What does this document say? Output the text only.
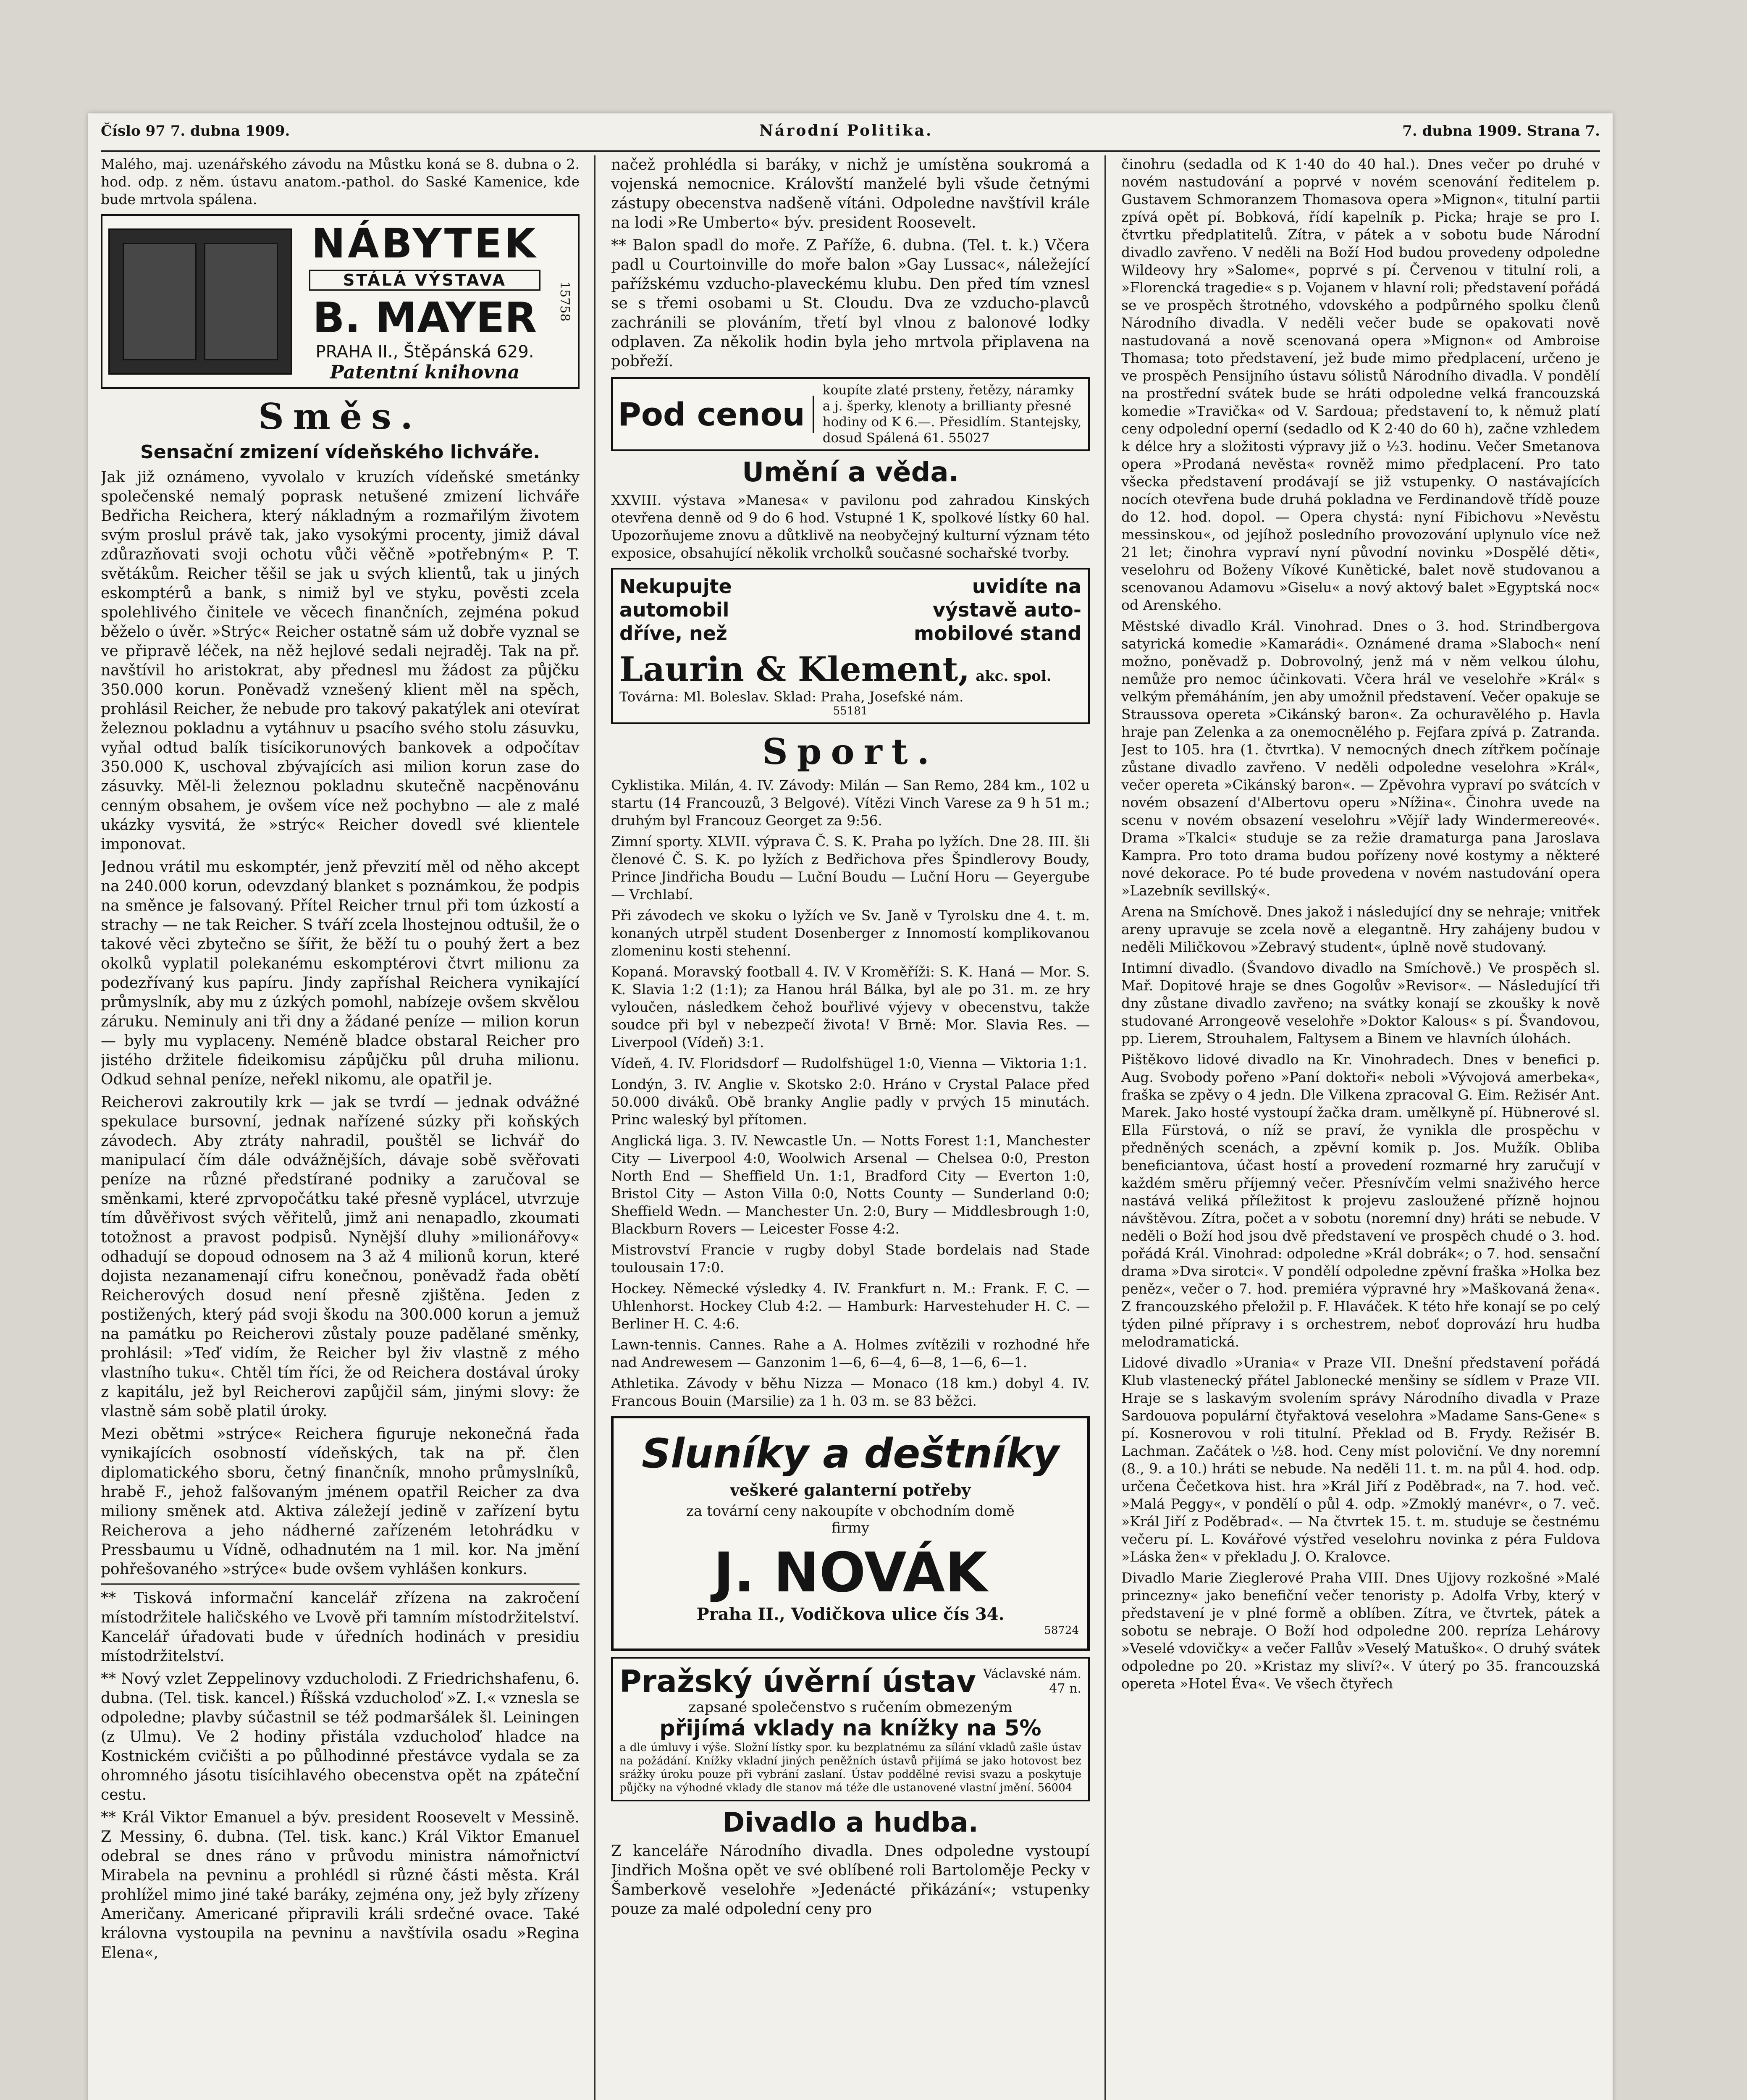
Číslo 97 7. dubna 1909.	Národní Politika.	7. dubna 1909. Strana 7.

Malého, maj. uzenářského závodu na Můstku koná se 8. dubna o 2. hod. odp. z něm. ústavu anatom.-pathol. do Saské Kamenice, kde bude mrtvola spálena.

NÁBYTEK
STÁLÁ VÝSTAVA
B. MAYER
PRAHA II., Štěpánská 629.
Patentní knihovna
15758
Směs.
Sensační zmizení vídeňského lichváře.

Jak již oznámeno, vyvolalo v kruzích vídeňské smetánky společenské nemalý poprask netušené zmizení lichváře Bedřicha Reichera, který nákladným a rozmařilým životem svým proslul právě tak, jako vysokými procenty, jimiž dával zdůrazňovati svoji ochotu vůči věčně »potřebným« P. T. světákům. Reicher těšil se jak u svých klientů, tak u jiných eskomptérů a bank, s nimiž byl ve styku, pověsti zcela spolehlivého činitele ve věcech finančních, zejména pokud běželo o úvěr. »Strýc« Reicher ostatně sám už dobře vyznal se ve připravě léček, na něž hejlové sedali nejraděj. Tak na př. navštívil ho aristokrat, aby přednesl mu žádost za půjčku 350.000 korun. Poněvadž vznešený klient měl na spěch, prohlásil Reicher, že nebude pro takový pakatýlek ani otevírat železnou pokladnu a vytáhnuv u psacího svého stolu zásuvku, vyňal odtud balík tisícikorunových bankovek a odpočítav 350.000 K, uschoval zbývajících asi milion korun zase do zásuvky. Měl-li železnou pokladnu skutečně nacpěnovánu cenným obsahem, je ovšem více než pochybno — ale z malé ukázky vysvitá, že »strýc« Reicher dovedl své klientele imponovat.

Jednou vrátil mu eskomptér, jenž převzití měl od něho akcept na 240.000 korun, odevzdaný blanket s poznámkou, že podpis na směnce je falsovaný. Přítel Reicher trnul při tom úzkostí a strachy — ne tak Reicher. S tváří zcela lhostejnou odtušil, že o takové věci zbytečno se šířit, že běží tu o pouhý žert a bez okolků vyplatil polekanému eskomptérovi čtvrt milionu za podezřívaný kus papíru. Jindy zapříshal Reichera vynikající průmyslník, aby mu z úzkých pomohl, nabízeje ovšem skvělou záruku. Neminuly ani tři dny a žádané peníze — milion korun — byly mu vyplaceny. Neméně bladce obstaral Reicher pro jistého držitele fideikomisu zápůjčku půl druha milionu. Odkud sehnal peníze, neřekl nikomu, ale opatřil je.

Reicherovi zakroutily krk — jak se tvrdí — jednak odvážné spekulace bursovní, jednak nařízené súzky při koňských závodech. Aby ztráty nahradil, pouštěl se lichvář do manipulací čím dále odvážnějších, dávaje sobě svěřovati peníze na různé předstírané podniky a zaručoval se směnkami, které zprvopočátku také přesně vyplácel, utvrzuje tím důvěřivost svých věřitelů, jimž ani nenapadlo, zkoumati totožnost a pravost podpisů. Nynější dluhy »milionářovy« odhadují se dopoud odnosem na 3 až 4 milionů korun, které dojista nezanamenají cifru konečnou, poněvadž řada obětí Reicherových dosud není přesně zjištěna. Jeden z postižených, který pád svoji škodu na 300.000 korun a jemuž na památku po Reicherovi zůstaly pouze padělané směnky, prohlásil: »Teď vidím, že Reicher byl živ vlastně z mého vlastního tuku«. Chtěl tím říci, že od Reichera dostával úroky z kapitálu, jež byl Reicherovi zapůjčil sám, jinými slovy: že vlastně sám sobě platil úroky.

Mezi obětmi »strýce« Reichera figuruje nekonečná řada vynikajících osobností vídeňských, tak na př. člen diplomatického sboru, četný finančník, mnoho průmyslníků, hrabě F., jehož falšovaným jménem opatřil Reicher za dva miliony směnek atd. Aktiva záležejí jedině v zařízení bytu Reicherova a jeho nádherné zařízeném letohrádku v Pressbaumu u Vídně, odhadnutém na 1 mil. kor. Na jmění pohřešovaného »strýce« bude ovšem vyhlášen konkurs.

** Tisková informační kancelář zřízena na zakročení místodržitele haličského ve Lvově při tamním místodržitelství. Kancelář úřadovati bude v úředních hodinách v presidiu místodržitelství.

** Nový vzlet Zeppelinovy vzducholodi. Z Friedrichshafenu, 6. dubna. (Tel. tisk. kancel.) Říšská vzducholoď »Z. I.« vznesla se odpoledne; plavby súčastnil se též podmaršálek šl. Leiningen (z Ulmu). Ve 2 hodiny přistála vzducholoď hladce na Kostnickém cvičišti a po půlhodinné přestávce vydala se za ohromného jásotu tisícihlavého obecenstva opět na zpáteční cestu.

** Král Viktor Emanuel a býv. president Roosevelt v Messině. Z Messiny, 6. dubna. (Tel. tisk. kanc.) Král Viktor Emanuel odebral se dnes ráno v průvodu ministra námořnictví Mirabela na pevninu a prohlédl si různé části města. Král prohlížel mimo jiné také baráky, zejména ony, jež byly zřízeny Američany. Americané připravili králi srdečné ovace. Také královna vystoupila na pevninu a navštívila osadu »Regina Elena«,

načež prohlédla si baráky, v nichž je umístěna soukromá a vojenská nemocnice. Královští manželé byli všude četnými zástupy obecenstva nadšeně vítáni. Odpoledne navštívil krále na lodi »Re Umberto« býv. president Roosevelt.

** Balon spadl do moře. Z Paříže, 6. dubna. (Tel. t. k.) Včera padl u Courtoinville do moře balon »Gay Lussac«, náležející pařížskému vzducho-plaveckému klubu. Den před tím vznesl se s třemi osobami u St. Cloudu. Dva ze vzducho-plavců zachránili se plováním, třetí byl vlnou z balonové lodky odplaven. Za několik hodin byla jeho mrtvola připlavena na pobřeží.

Pod cenou
koupíte zlaté prsteny, řetězy, náramky a j. šperky, klenoty a brillianty přesné hodiny od K 6.—. Přesidlím. Stantejsky, dosud Spálená 61. 55027
Umění a věda.

XXVIII. výstava »Manesa« v pavilonu pod zahradou Kinských otevřena denně od 9 do 6 hod. Vstupné 1 K, spolkové lístky 60 hal. Upozorňujeme znovu a důtklivě na neobyčejný kulturní význam této exposice, obsahující několik vrcholků současné sochařské tvorby.

Nekupujte
automobil
dříve, než
uvidíte na
výstavě auto-
mobilové stand
Laurin & Klement, akc. spol.
Továrna: Ml. Boleslav. Sklad: Praha, Josefské nám.
55181
Sport.

Cyklistika. Milán, 4. IV. Závody: Milán — San Remo, 284 km., 102 u startu (14 Francouzů, 3 Belgové). Vítězi Vinch Varese za 9 h 51 m.; druhým byl Francouz Georget za 9:56.

Zimní sporty. XLVII. výprava Č. S. K. Praha po lyžích. Dne 28. III. šli členové Č. S. K. po lyžích z Bedřichova přes Špindlerovy Boudy, Prince Jindřicha Boudu — Luční Boudu — Luční Horu — Geyergube — Vrchlabí.

Při závodech ve skoku o lyžích ve Sv. Janě v Tyrolsku dne 4. t. m. konaných utrpěl student Dosenberger z Innomostí komplikovanou zlomeninu kosti stehenní.

Kopaná. Moravský football 4. IV. V Kroměříži: S. K. Haná — Mor. S. K. Slavia 1:2 (1:1); za Hanou hrál Bálka, byl ale po 31. m. ze hry vyloučen, následkem čehož bouřlivé výjevy v obecenstvu, takže soudce při byl v nebezpečí života! V Brně: Mor. Slavia Res. — Liverpool (Vídeň) 3:1.

Vídeň, 4. IV. Floridsdorf — Rudolfshügel 1:0, Vienna — Viktoria 1:1.

Londýn, 3. IV. Anglie v. Skotsko 2:0. Hráno v Crystal Palace před 50.000 diváků. Obě branky Anglie padly v prvých 15 minutách. Princ waleský byl přítomen.

Anglická liga. 3. IV. Newcastle Un. — Notts Forest 1:1, Manchester City — Liverpool 4:0, Woolwich Arsenal — Chelsea 0:0, Preston North End — Sheffield Un. 1:1, Bradford City — Everton 1:0, Bristol City — Aston Villa 0:0, Notts County — Sunderland 0:0; Sheffield Wedn. — Manchester Un. 2:0, Bury — Middlesbrough 1:0, Blackburn Rovers — Leicester Fosse 4:2.

Mistrovství Francie v rugby dobyl Stade bordelais nad Stade toulousain 17:0.

Hockey. Německé výsledky 4. IV. Frankfurt n. M.: Frank. F. C. — Uhlenhorst. Hockey Club 4:2. — Hamburk: Harvestehuder H. C. — Berliner H. C. 4:6.

Lawn-tennis. Cannes. Rahe a A. Holmes zvítězili v rozhodné hře nad Andrewesem — Ganzonim 1—6, 6—4, 6—8, 1—6, 6—1.

Athletika. Závody v běhu Nizza — Monaco (18 km.) dobyl 4. IV. Francous Bouin (Marsilie) za 1 h. 03 m. se 83 běžci.

Sluníky a deštníky
veškeré galanterní potřeby
za tovární ceny nakoupíte v obchodním domě firmy
J. NOVÁK
Praha II., Vodičkova ulice čís 34.
58724
Pražský úvěrní ústav Václavské nám. 47 n.
zapsané společenstvo s ručením obmezeným
přijímá vklady na knížky na 5%
a dle úmluvy i výše. Složní lístky spor. ku bezplatnému za sílání vkladů zašle ústav na požádání. Knížky vkladní jiných peněžních ústavů přijímá se jako hotovost bez srážky úroku pouze při vybrání zaslaní. Ústav poddělné revisi svazu a poskytuje půjčky na výhodné vklady dle stanov má téže dle ustanovené vlastní jmění. 56004
Divadlo a hudba.

Z kanceláře Národního divadla. Dnes odpoledne vystoupí Jindřich Mošna opět ve své oblíbené roli Bartoloměje Pecky v Šamberkově veselohře »Jedenácté přikázání«; vstupenky pouze za malé odpolední ceny pro

činohru (sedadla od K 1·40 do 40 hal.). Dnes večer po druhé v novém nastudování a poprvé v novém scenování ředitelem p. Gustavem Schmoranzem Thomasova opera »Mignon«, titulní partii zpívá opět pí. Bobková, řídí kapelník p. Picka; hraje se pro I. čtvrtku předplatitelů. Zítra, v pátek a v sobotu bude Národní divadlo zavřeno. V neděli na Boží Hod budou provedeny odpoledne Wildeovy hry »Salome«, poprvé s pí. Červenou v titulní roli, a »Florencká tragedie« s p. Vojanem v hlavní roli; představení pořádá se ve prospěch štrotného, vdovského a podpůrného spolku členů Národního divadla. V neděli večer bude se opakovati nově nastudovaná a nově scenovaná opera »Mignon« od Ambroise Thomasa; toto představení, jež bude mimo předplacení, určeno je ve prospěch Pensijního ústavu sólistů Národního divadla. V pondělí na prostřední svátek bude se hráti odpoledne velká francouzská komedie »Travička« od V. Sardoua; představení to, k němuž platí ceny odpolední operní (sedadlo od K 2·40 do 60 h), začne vzhledem k délce hry a složitosti výpravy již o ½3. hodinu. Večer Smetanova opera »Prodaná nevěsta« rovněž mimo předplacení. Pro tato všecka představení prodávají se již vstupenky. O nastávajících nocích otevřena bude druhá pokladna ve Ferdinandově třídě pouze do 12. hod. dopol. — Opera chystá: nyní Fibichovu »Nevěstu messinskou«, od jejíhož posledního provozování uplynulo více než 21 let; činohra vypraví nyní původní novinku »Dospělé děti«, veselohru od Boženy Víkové Kunětické, balet nově studovanou a scenovanou Adamovu »Giselu« a nový aktový balet »Egyptská noc« od Arenského.

Městské divadlo Král. Vinohrad. Dnes o 3. hod. Strindbergova satyrická komedie »Kamarádi«. Oznámené drama »Slaboch« není možno, poněvadž p. Dobrovolný, jenž má v něm velkou úlohu, nemůže pro nemoc účinkovati. Včera hrál ve veselohře »Král« s velkým přemáháním, jen aby umožnil představení. Večer opakuje se Straussova opereta »Cikánský baron«. Za ochuravělého p. Havla hraje pan Zelenka a za onemocnělého p. Fejfara zpívá p. Zatranda. Jest to 105. hra (1. čtvrtka). V nemocných dnech zítřkem počínaje zůstane divadlo zavřeno. V neděli odpoledne veselohra »Král«, večer opereta »Cikánský baron«. — Zpěvohra vypraví po svátcích v novém obsazení d'Albertovu operu »Nížina«. Činohra uvede na scenu v novém obsazení veselohru »Vějíř lady Windermereové«. Drama »Tkalci« studuje se za režie dramaturga pana Jaroslava Kampra. Pro toto drama budou pořízeny nové kostymy a některé nové dekorace. Po té bude provedena v novém nastudování opera »Lazebník sevillský«.

Arena na Smíchově. Dnes jakož i následující dny se nehraje; vnitřek areny upravuje se zcela nově a elegantně. Hry zahájeny budou v neděli Miličkovou »Zebravý student«, úplně nově studovaný.

Intimní divadlo. (Švandovo divadlo na Smíchově.) Ve prospěch sl. Mař. Dopitové hraje se dnes Gogolův »Revisor«. — Následující tři dny zůstane divadlo zavřeno; na svátky konají se zkoušky k nově studované Arrongeově veselohře »Doktor Kalous« s pí. Švandovou, pp. Lierem, Strouhalem, Faltysem a Binem ve hlavních úlohách.

Pištěkovo lidové divadlo na Kr. Vinohradech. Dnes v benefici p. Aug. Svobody pořeno »Paní doktoři« neboli »Vývojová amerbeka«, fraška se zpěvy o 4 jedn. Dle Vilkena zpracoval G. Eim. Režisér Ant. Marek. Jako hosté vystoupí žačka dram. umělkyně pí. Hübnerové sl. Ella Fürstová, o níž se praví, že vynikla dle prospěchu v předněných scenách, a zpěvní komik p. Jos. Mužík. Obliba beneficiantova, účast hostí a provedení rozmarné hry zaručují v každém směru příjemný večer. Přesnívčím velmi snaživého herce nastává veliká příležitost k projevu zasloužené přízně hojnou návštěvou. Zítra, počet a v sobotu (noremní dny) hráti se nebude. V neděli o Boží hod jsou dvě představení ve prospěch chudé o 3. hod. pořádá Král. Vinohrad: odpoledne »Král dobrák«; o 7. hod. sensační drama »Dva sirotci«. V pondělí odpoledne zpěvní fraška »Holka bez peněz«, večer o 7. hod. premiéra výpravné hry »Maškovaná žena«. Z francouzského přeložil p. F. Hlaváček. K této hře konají se po celý týden pilné přípravy i s orchestrem, neboť doprovází hru hudba melodramatická.

Lidové divadlo »Urania« v Praze VII. Dnešní představení pořádá Klub vlastenecký přátel Jablonecké menšiny se sídlem v Praze VII. Hraje se s laskavým svolením správy Národního divadla v Praze Sardouova populární čtyřaktová veselohra »Madame Sans-Gene« s pí. Kosnerovou v roli titulní. Překlad od B. Frydy. Režisér B. Lachman. Začátek o ½8. hod. Ceny míst poloviční. Ve dny noremní (8., 9. a 10.) hráti se nebude. Na neděli 11. t. m. na půl 4. hod. odp. určena Čečetkova hist. hra »Král Jiří z Poděbrad«, na 7. hod. več. »Malá Peggy«, v pondělí o půl 4. odp. »Zmoklý manévr«, o 7. več. »Král Jiří z Poděbrad«. — Na čtvrtek 15. t. m. studuje se čestnému večeru pí. L. Kovářové výstřed veselohru novinka z péra Fuldova »Láska žen« v překladu J. O. Kralovce.

Divadlo Marie Zieglerové Praha VIII. Dnes Ujjovy rozkošné »Malé princezny« jako benefiční večer tenoristy p. Adolfa Vrby, který v představení je v plné formě a oblíben. Zítra, ve čtvrtek, pátek a sobotu se nebraje. O Boží hod odpoledne 200. repríza Lehárovy »Veselé vdovičky« a večer Fallův »Veselý Matuško«. O druhý svátek odpoledne po 20. »Kristaz my sliví?«. V úterý po 35. francouzská opereta »Hotel Éva«. Ve všech čtyřech
